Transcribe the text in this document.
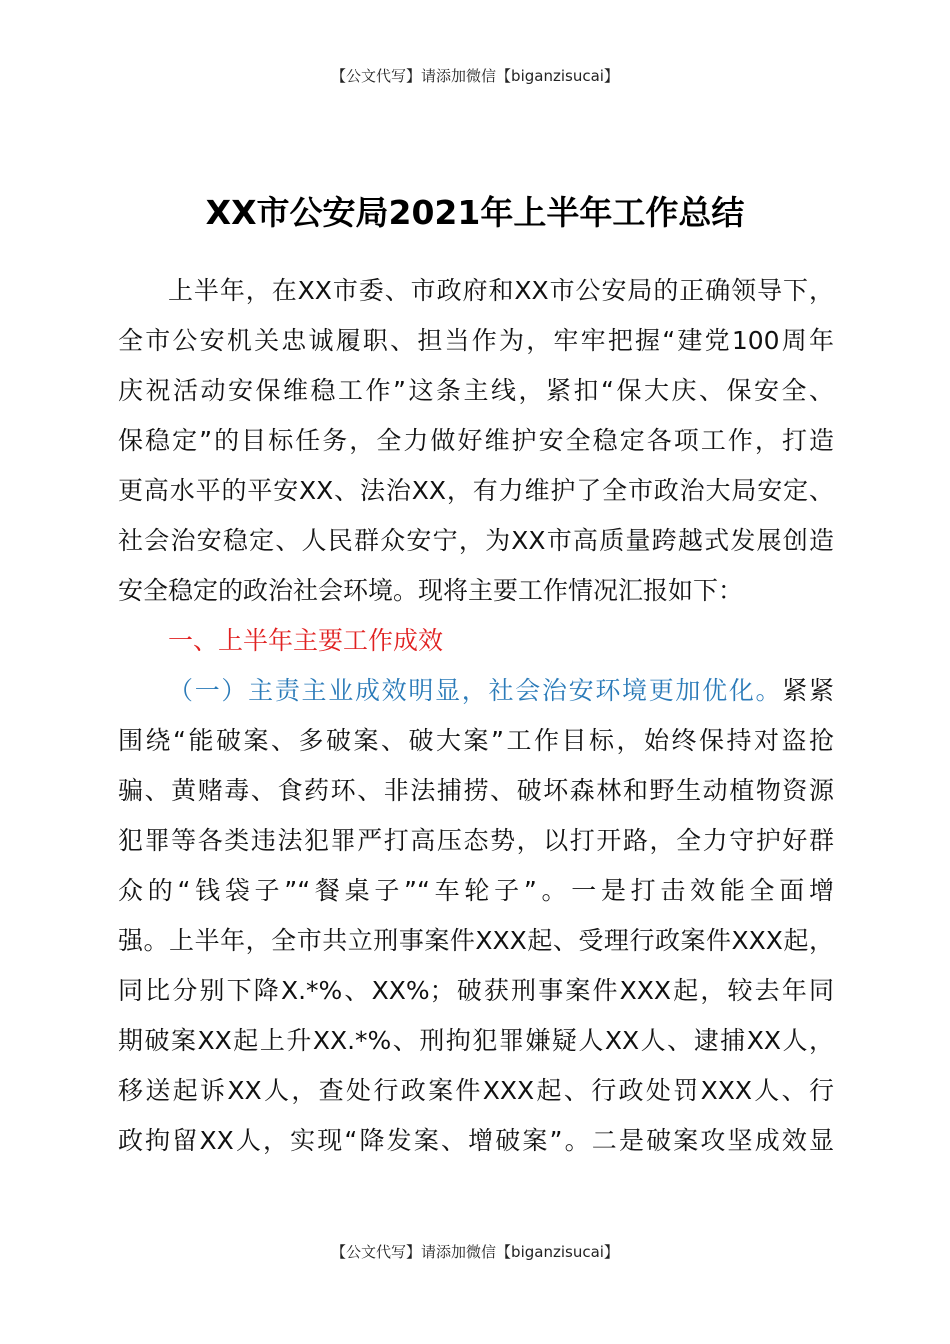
【公文代写】请添加微信【biganzisucai】
XX市公安局2021年上半年工作总结
上半年，在XX市委、市政府和XX市公安局的正确领导下，
全市公安机关忠诚履职、担当作为，牢牢把握“建党100周年
庆祝活动安保维稳工作”这条主线，紧扣“保大庆、保安全、
保稳定”的目标任务，全力做好维护安全稳定各项工作，打造
更高水平的平安XX、法治XX，有力维护了全市政治大局安定、
社会治安稳定、人民群众安宁，为XX市高质量跨越式发展创造
安全稳定的政治社会环境。现将主要工作情况汇报如下：
一、上半年主要工作成效
（一）主责主业成效明显，社会治安环境更加优化。紧紧
围绕“能破案、多破案、破大案”工作目标，始终保持对盗抢
骗、黄赌毒、食药环、非法捕捞、破坏森林和野生动植物资源
犯罪等各类违法犯罪严打高压态势，以打开路，全力守护好群
众的“钱袋子”“餐桌子”“车轮子”。一是打击效能全面增
强。上半年，全市共立刑事案件XXX起、受理行政案件XXX起，
同比分别下降X.*%、XX%；破获刑事案件XXX起，较去年同
期破案XX起上升XX.*%、刑拘犯罪嫌疑人XX人、逮捕XX人，
移送起诉XX人，查处行政案件XXX起、行政处罚XXX人、行
政拘留XX人，实现“降发案、增破案”。二是破案攻坚成效显
【公文代写】请添加微信【biganzisucai】
